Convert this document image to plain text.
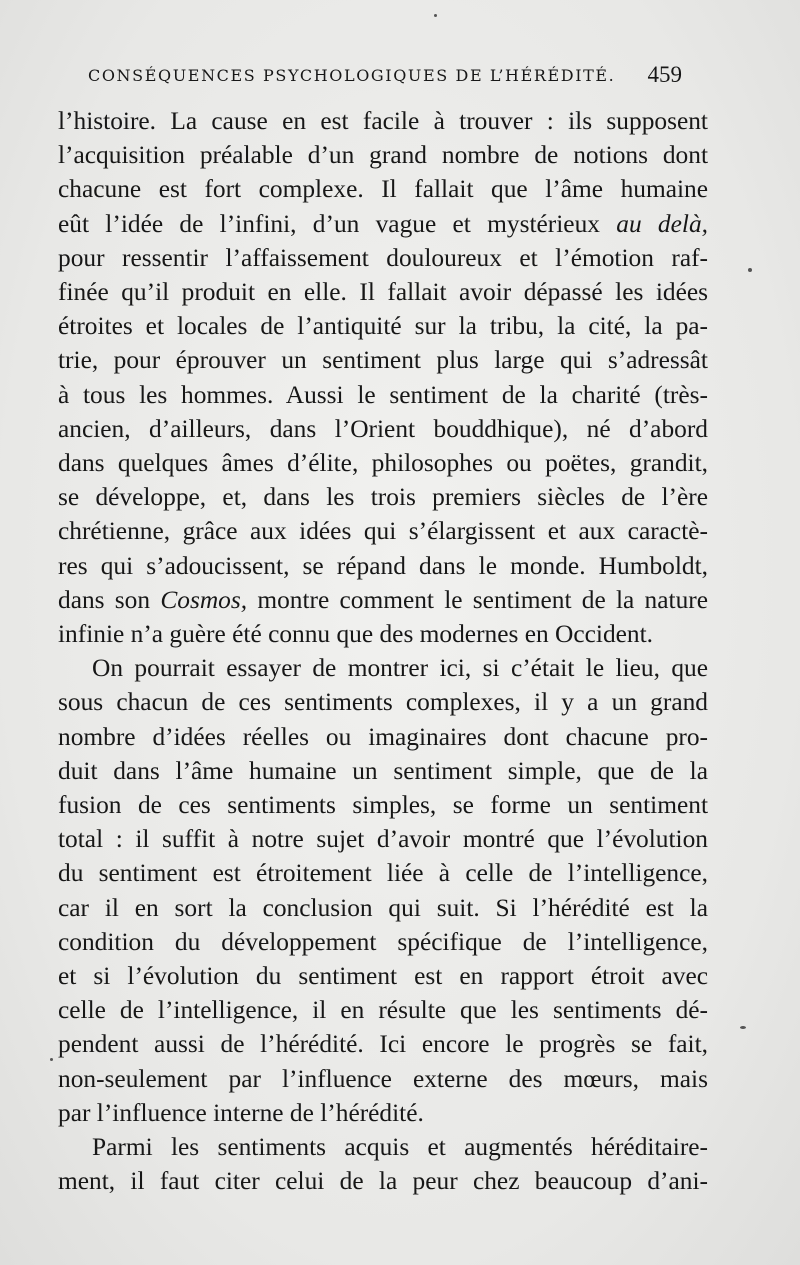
CONSÉQUENCES PSYCHOLOGIQUES DE L’HÉRÉDITÉ. 459
l’histoire. La cause en est facile à trouver : ils supposent
l’acquisition préalable d’un grand nombre de notions dont
chacune est fort complexe. Il fallait que l’âme humaine
eût l’idée de l’infini, d’un vague et mystérieux au delà,
pour ressentir l’affaissement douloureux et l’émotion raf-
finée qu’il produit en elle. Il fallait avoir dépassé les idées
étroites et locales de l’antiquité sur la tribu, la cité, la pa-
trie, pour éprouver un sentiment plus large qui s’adressât
à tous les hommes. Aussi le sentiment de la charité (très-
ancien, d’ailleurs, dans l’Orient bouddhique), né d’abord
dans quelques âmes d’élite, philosophes ou poëtes, grandit,
se développe, et, dans les trois premiers siècles de l’ère
chrétienne, grâce aux idées qui s’élargissent et aux caractè-
res qui s’adoucissent, se répand dans le monde. Humboldt,
dans son Cosmos, montre comment le sentiment de la nature
infinie n’a guère été connu que des modernes en Occident.
On pourrait essayer de montrer ici, si c’était le lieu, que
sous chacun de ces sentiments complexes, il y a un grand
nombre d’idées réelles ou imaginaires dont chacune pro-
duit dans l’âme humaine un sentiment simple, que de la
fusion de ces sentiments simples, se forme un sentiment
total : il suffit à notre sujet d’avoir montré que l’évolution
du sentiment est étroitement liée à celle de l’intelligence,
car il en sort la conclusion qui suit. Si l’hérédité est la
condition du développement spécifique de l’intelligence,
et si l’évolution du sentiment est en rapport étroit avec
celle de l’intelligence, il en résulte que les sentiments dé-
pendent aussi de l’hérédité. Ici encore le progrès se fait,
non-seulement par l’influence externe des mœurs, mais
par l’influence interne de l’hérédité.
Parmi les sentiments acquis et augmentés héréditaire-
ment, il faut citer celui de la peur chez beaucoup d’ani-
